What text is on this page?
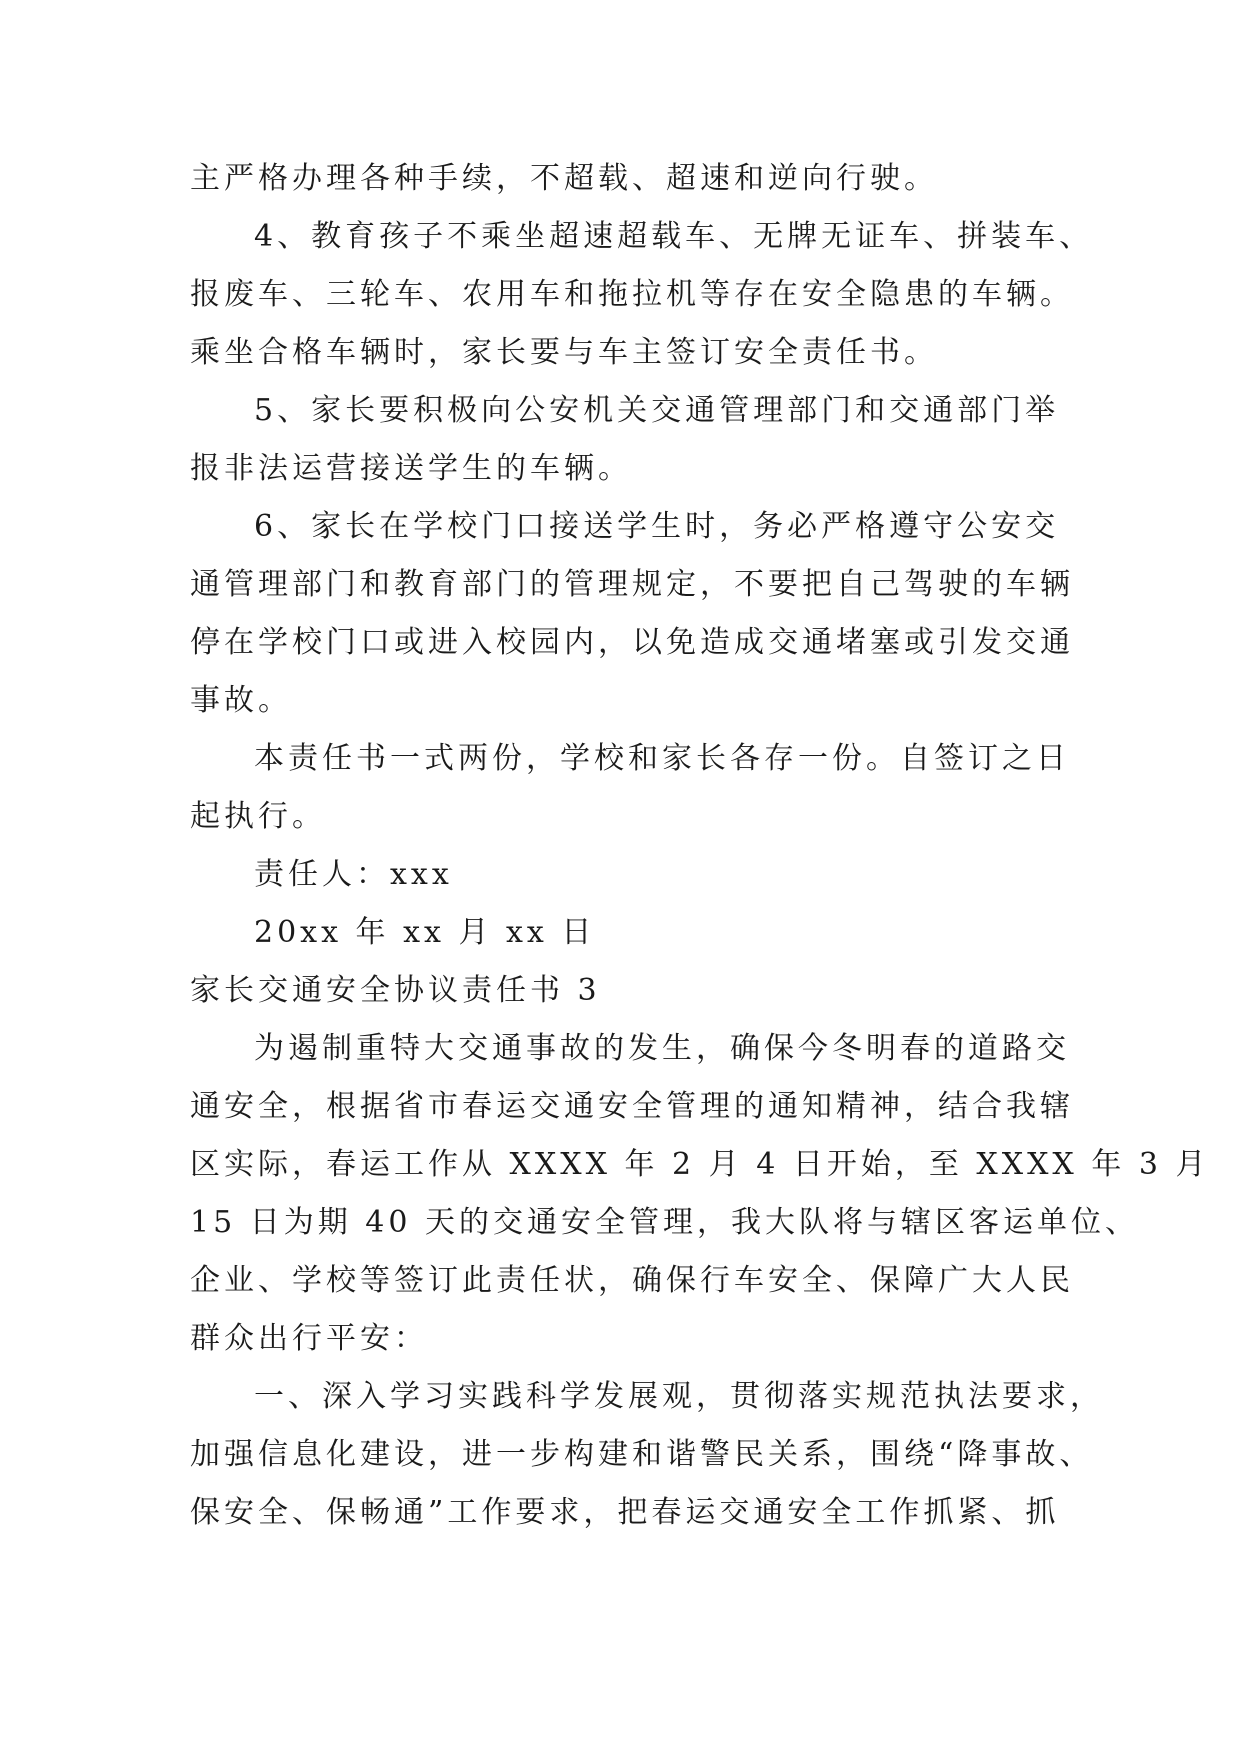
主严格办理各种手续，不超载、超速和逆向行驶。
4、教育孩子不乘坐超速超载车、无牌无证车、拼装车、
报废车、三轮车、农用车和拖拉机等存在安全隐患的车辆。
乘坐合格车辆时，家长要与车主签订安全责任书。
5、家长要积极向公安机关交通管理部门和交通部门举
报非法运营接送学生的车辆。
6、家长在学校门口接送学生时，务必严格遵守公安交
通管理部门和教育部门的管理规定，不要把自己驾驶的车辆
停在学校门口或进入校园内，以免造成交通堵塞或引发交通
事故。
本责任书一式两份，学校和家长各存一份。自签订之日
起执行。
责任人：xxx
20xx 年 xx 月 xx 日
家长交通安全协议责任书 3
为遏制重特大交通事故的发生，确保今冬明春的道路交
通安全，根据省市春运交通安全管理的通知精神，结合我辖
区实际，春运工作从 XXXX 年 2 月 4 日开始，至 XXXX 年 3 月
15 日为期 40 天的交通安全管理，我大队将与辖区客运单位、
企业、学校等签订此责任状，确保行车安全、保障广大人民
群众出行平安：
一、深入学习实践科学发展观，贯彻落实规范执法要求，
加强信息化建设，进一步构建和谐警民关系，围绕“降事故、
保安全、保畅通”工作要求，把春运交通安全工作抓紧、抓
